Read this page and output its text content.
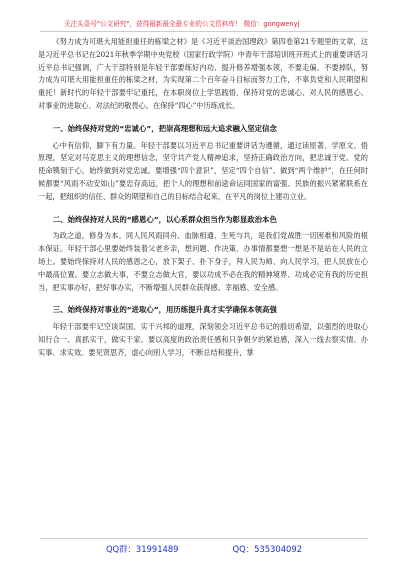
关注头条号"公文研究"，获得最新最全最专业的公文资料库！ 微信：gongwenyj

《努力成为可堪大用能担重任的栋梁之材》是《习近平谈治国理政》第四卷第21专题里的文章，这是习近平总书记在2021年秋季学期中央党校（国家行政学院）中青年干部培训班开班式上的重要讲话习近平总书记强调，广大干部特别是年轻干部要练好内功、提升修养增强本领，不要走偏、不要掉队，努力成为可堪大用能担重任的栋梁之材，为实现第二个百年奋斗目标而努力工作，不辜负党和人民期望和重托！新时代的年轻干部要牢记重托，在本职岗位上学思践悟，保持对党的忠诚心、对人民的感恩心、对事业的进取心、对法纪的敬畏心，在保持“四心”中历练成长。

一、始终保持对党的“忠诚心”，把崇高理想和远大追求融入坚定信念

心中有信仰，脚下有力量。年轻干部要以习近平总书记重要讲话为遵循，通过读原著、学原文、悟原理，坚定对马克思主义的理想信念，坚守共产党人精神追求，坚持正确政治方向，把忠诚于党、党的使命镌刻于心，始终做到对党忠诚。要增强“四个意识”，坚定“四个自信”、做到“两个维护”，在任何时候都要“风雨不动安如山”要忠存高远，把个人的理想和前途命运同国家的富强、民族的振兴紧紧联系在一起，把组织的信任、群众的期望和自己的目标结合起来，在平凡的岗位上建功立业。

二、始终保持对人民的“感恩心”，以心系群众担当作为彰显政治本色

为政之道，修身为本。同人民风雨同舟、血脉相通、生死与共，是我们党战胜一切困难和风险的根本保证。年轻干部心里要始终装着父老乡亲，想问题、作决策、办事情都要想一想是不是站在人民的立场上。要始终保持对人民的感恩之心，放下架子、扑下身子，拜人民为师、向人民学习，把人民放在心中最高位置。要立志做大事，不要立志做大官，要以功成不必在我的精神境界、功成必定有我的历史担当，把实事办好，把好事办实，不断增强人民群众获得感、幸福感、安全感。

三、始终保持对事业的“进取心”，用历练提升真才实学确保本领高强

年轻干部要牢记空谈误国、实干兴邦的道理，深刻领会习近平总书记的殷切希望，以强烈的进取心知行合一、真抓实干，做实干家。要以高度的政治责任感和只争朝夕的紧迫感，深入一线去察实情、办实事、求实效。要见贤思齐，虚心向别人学习，不断总结和提升，掌

QQ群：31991489	QQ：535304092
